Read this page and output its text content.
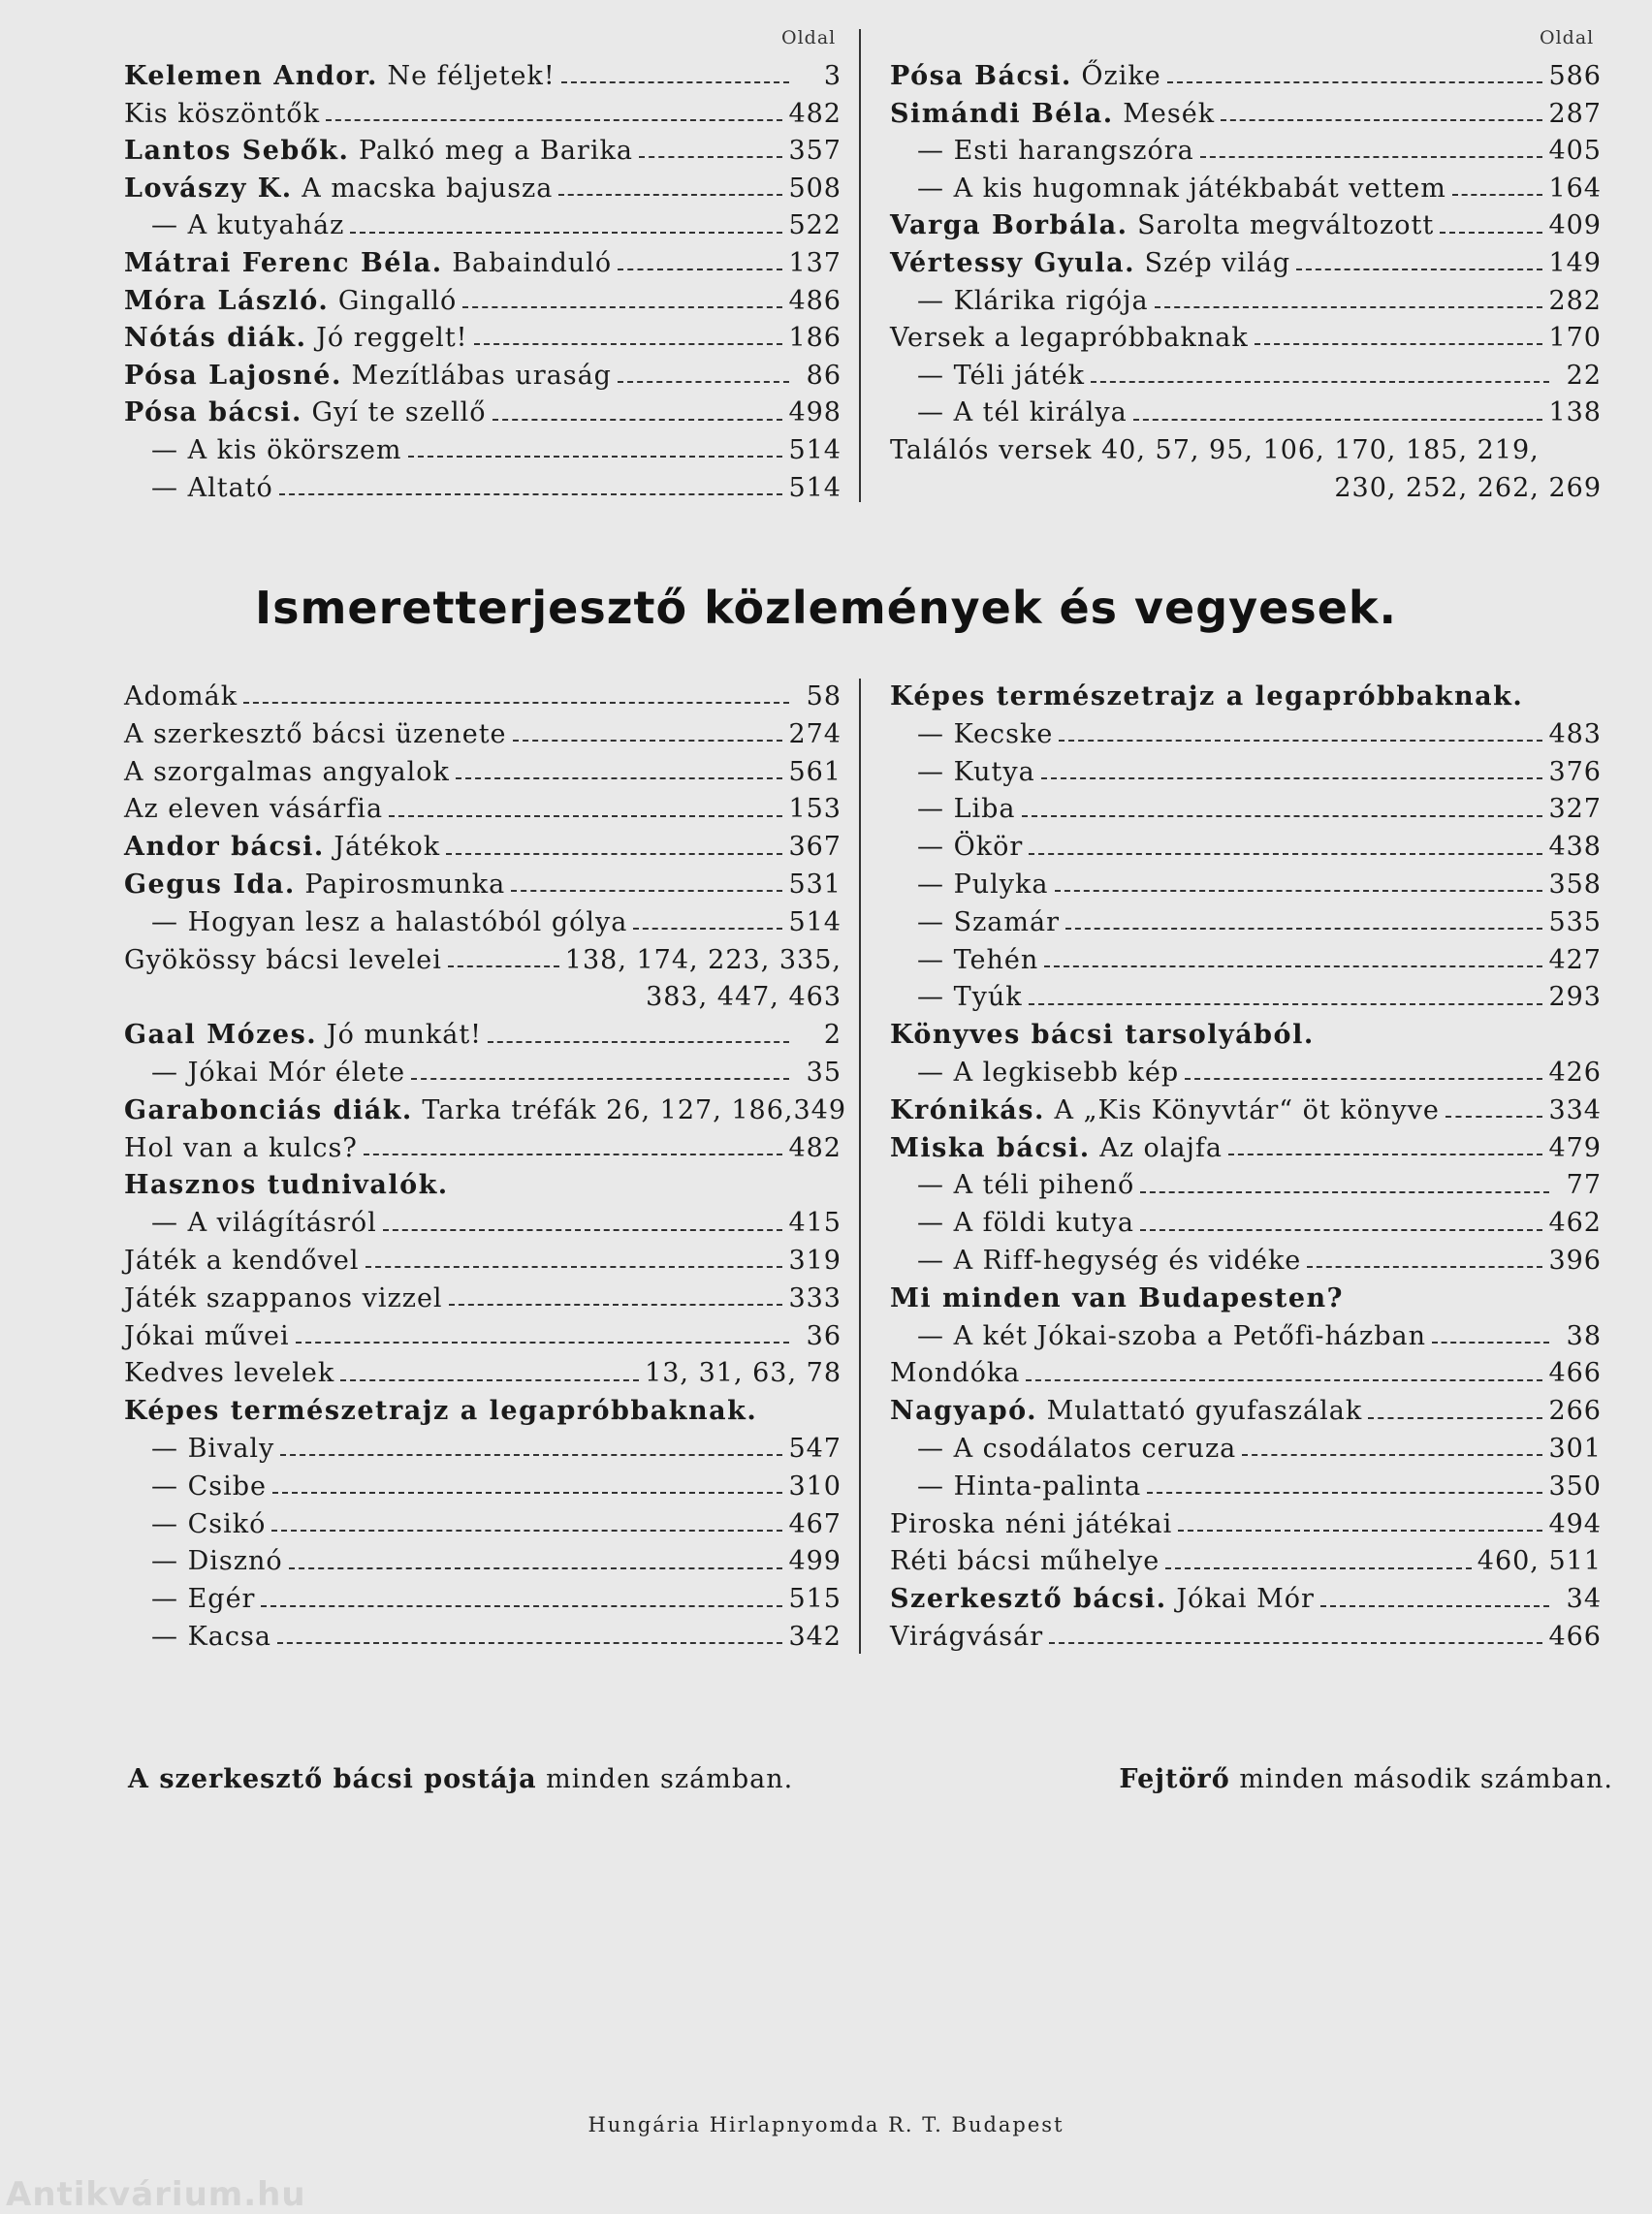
Oldal	Oldal
Kelemen Andor. Ne féljetek!	3
Kis köszöntők	482
Lantos Sebők. Palkó meg a Barika	357
Lovászy K. A macska bajusza	508
— A kutyaház	522
Mátrai Ferenc Béla. Babainduló	137
Móra László. Gingalló	486
Nótás diák. Jó reggelt!	186
Pósa Lajosné. Mezítlábas uraság	86
Pósa bácsi. Gyí te szellő	498
— A kis ökörszem	514
— Altató	514
Pósa Bácsi. Őzike	586
Simándi Béla. Mesék	287
— Esti harangszóra	405
— A kis hugomnak játékbabát vettem	164
Varga Borbála. Sarolta megváltozott	409
Vértessy Gyula. Szép világ	149
— Klárika rigója	282
Versek a legapróbbaknak	170
— Téli játék	22
— A tél királya	138
Találós versek 40, 57, 95, 106, 170, 185, 219,
230, 252, 262, 269
Ismeretterjesztő közlemények és vegyesek.
Adomák	58
A szerkesztő bácsi üzenete	274
A szorgalmas angyalok	561
Az eleven vásárfia	153
Andor bácsi. Játékok	367
Gegus Ida. Papirosmunka	531
— Hogyan lesz a halastóból gólya	514
Gyökössy bácsi levelei	138, 174, 223, 335,
383, 447, 463
Gaal Mózes. Jó munkát!	2
— Jókai Mór élete	35
Garabonciás diák. Tarka tréfák 26, 127, 186, 349
Hol van a kulcs?	482
Hasznos tudnivalók.
— A világításról	415
Játék a kendővel	319
Játék szappanos vizzel	333
Jókai művei	36
Kedves levelek	13, 31, 63, 78
Képes természetrajz a legapróbbaknak.
— Bivaly	547
— Csibe	310
— Csikó	467
— Disznó	499
— Egér	515
— Kacsa	342
Képes természetrajz a legapróbbaknak.
— Kecske	483
— Kutya	376
— Liba	327
— Ökör	438
— Pulyka	358
— Szamár	535
— Tehén	427
— Tyúk	293
Könyves bácsi tarsolyából.
— A legkisebb kép	426
Krónikás. A „Kis Könyvtár“ öt könyve	334
Miska bácsi. Az olajfa	479
— A téli pihenő	77
— A földi kutya	462
— A Riff-hegység és vidéke	396
Mi minden van Budapesten?
— A két Jókai-szoba a Petőfi-házban	38
Mondóka	466
Nagyapó. Mulattató gyufaszálak	266
— A csodálatos ceruza	301
— Hinta-palinta	350
Piroska néni játékai	494
Réti bácsi műhelye	460, 511
Szerkesztő bácsi. Jókai Mór	34
Virágvásár	466
A szerkesztő bácsi postája minden számban.	Fejtörő minden második számban.
Hungária Hirlapnyomda R. T. Budapest
Antikvárium.hu
